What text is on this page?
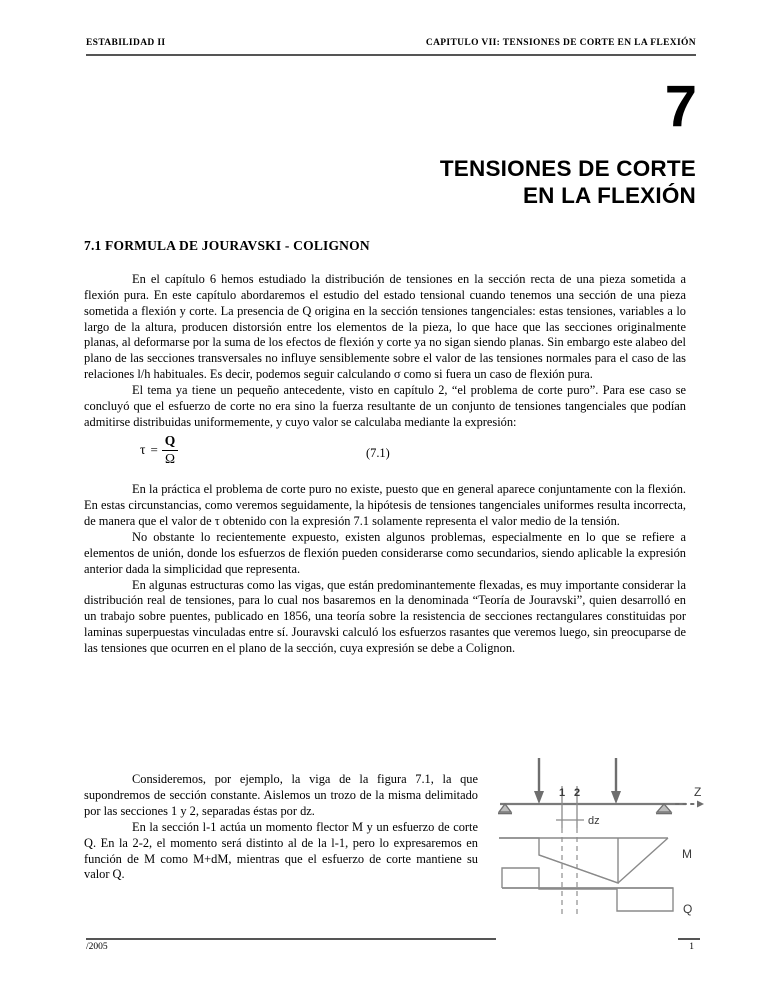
ESTABILIDAD II	CAPITULO VII: TENSIONES DE CORTE EN LA FLEXIÓN
7
TENSIONES DE CORTE
EN LA FLEXIÓN
7.1 FORMULA DE JOURAVSKI - COLIGNON

En el capítulo 6 hemos estudiado la distribución de tensiones en la sección recta de una pieza sometida a flexión pura. En este capítulo abordaremos el estudio del estado tensional cuando tenemos una sección de una pieza sometida a flexión y corte. La presencia de Q origina en la sección tensiones tangenciales: estas tensiones, variables a lo largo de la altura, producen distorsión entre los elementos de la pieza, lo que hace que las secciones originalmente planas, al deformarse por la suma de los efectos de flexión y corte ya no sigan siendo planas. Sin embargo este alabeo del plano de las secciones transversales no influye sensiblemente sobre el valor de las tensiones normales para el caso de las relaciones l/h habituales. Es decir, podemos seguir calculando σ como si fuera un caso de flexión pura.

El tema ya tiene un pequeño antecedente, visto en capítulo 2, “el problema de corte puro”. Para ese caso se concluyó que el esfuerzo de corte no era sino la fuerza resultante de un conjunto de tensiones tangenciales que podían admitirse distribuidas uniformemente, y cuyo valor se calculaba mediante la expresión:

$\tau = \frac{Q}{\Omega}$	(7.1)

En la práctica el problema de corte puro no existe, puesto que en general aparece conjuntamente con la flexión. En estas circunstancias, como veremos seguidamente, la hipótesis de tensiones tangenciales uniformes resulta incorrecta, de manera que el valor de τ obtenido con la expresión 7.1 solamente representa el valor medio de la tensión.

No obstante lo recientemente expuesto, existen algunos problemas, especialmente en lo que se refiere a elementos de unión, donde los esfuerzos de flexión pueden considerarse como secundarios, siendo aplicable la expresión anterior dada la simplicidad que representa.

En algunas estructuras como las vigas, que están predominantemente flexadas, es muy importante considerar la distribución real de tensiones, para lo cual nos basaremos en la denominada “Teoría de Jouravski”, quien desarrolló en un trabajo sobre puentes, publicado en 1856, una teoría sobre la resistencia de secciones rectangulares constituidas por laminas superpuestas vinculadas entre sí. Jouravski calculó los esfuerzos rasantes que veremos luego, sin preocuparse de las tensiones que ocurren en el plano de la sección, cuya expresión se debe a Colignon.

Consideremos, por ejemplo, la viga de la figura 7.1, la que supondremos de sección constante. Aislemos un trozo de la misma delimitado por las secciones 1 y 2, separadas éstas por dz.

En la sección l-1 actúa un momento flector M y un esfuerzo de corte Q. En la 2-2, el momento será distinto al de la l-1, pero lo expresaremos en función de M como M+dM, mientras que el esfuerzo de corte mantiene su valor Q.

1 2
dz
Z
M
Q
/2005	1
